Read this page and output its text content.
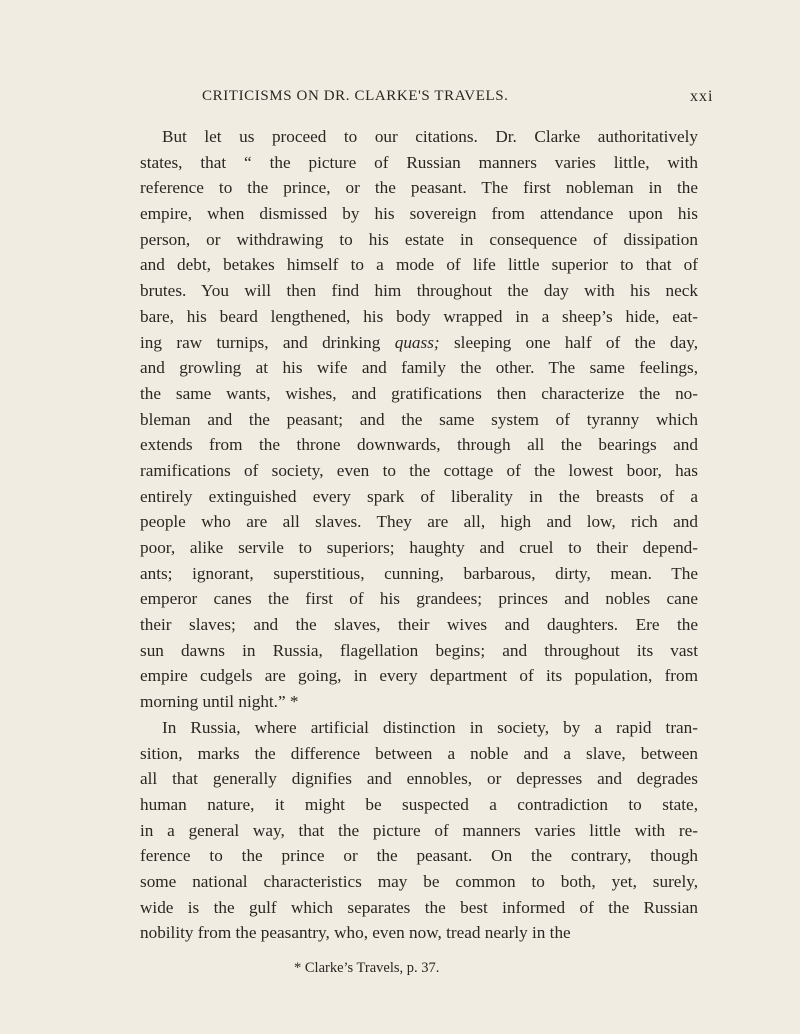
CRITICISMS ON DR. CLARKE'S TRAVELS.	xxi
But let us proceed to our citations. Dr. Clarke authoritatively
states, that “ the picture of Russian manners varies little, with
reference to the prince, or the peasant. The first nobleman in the
empire, when dismissed by his sovereign from attendance upon his
person, or withdrawing to his estate in consequence of dissipation
and debt, betakes himself to a mode of life little superior to that of
brutes. You will then find him throughout the day with his neck
bare, his beard lengthened, his body wrapped in a sheep’s hide, eat-
ing raw turnips, and drinking quass; sleeping one half of the day,
and growling at his wife and family the other. The same feelings,
the same wants, wishes, and gratifications then characterize the no-
bleman and the peasant; and the same system of tyranny which
extends from the throne downwards, through all the bearings and
ramifications of society, even to the cottage of the lowest boor, has
entirely extinguished every spark of liberality in the breasts of a
people who are all slaves. They are all, high and low, rich and
poor, alike servile to superiors; haughty and cruel to their depend-
ants; ignorant, superstitious, cunning, barbarous, dirty, mean. The
emperor canes the first of his grandees; princes and nobles cane
their slaves; and the slaves, their wives and daughters. Ere the
sun dawns in Russia, flagellation begins; and throughout its vast
empire cudgels are going, in every department of its population, from
morning until night.” *
In Russia, where artificial distinction in society, by a rapid tran-
sition, marks the difference between a noble and a slave, between
all that generally dignifies and ennobles, or depresses and degrades
human nature, it might be suspected a contradiction to state,
in a general way, that the picture of manners varies little with re-
ference to the prince or the peasant. On the contrary, though
some national characteristics may be common to both, yet, surely,
wide is the gulf which separates the best informed of the Russian
nobility from the peasantry, who, even now, tread nearly in the
* Clarke’s Travels, p. 37.
